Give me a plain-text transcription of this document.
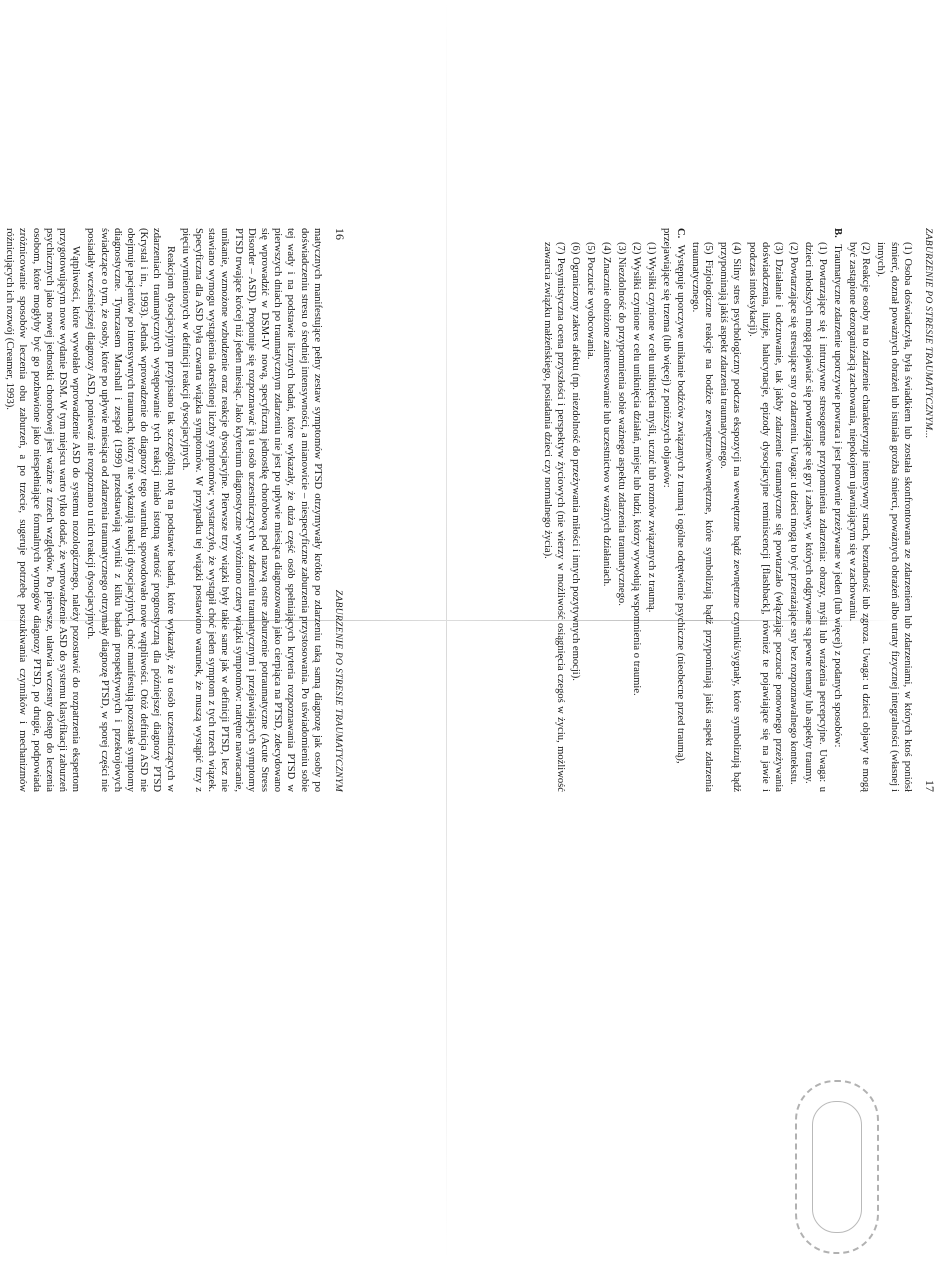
16
ZABURZENIE PO STRESIE TRAUMATYCZNYM

matycznych manifestujące pełny zestaw symptomów PTSD otrzymywały krótko po zdarzeniu taką samą diagnozę jak osoby po doświadczeniu stresu o średniej intensywności, a mianowicie – niespecyficzne zaburzenia przystosowania. Po uświadomieniu sobie tej wady i na podstawie licznych badań, które wykazały, że duża część osób spełniających kryteria rozpoznawania PTSD w pierwszych dniach po traumatycznym zdarzeniu nie jest po upływie miesiąca diagnozowana jako cierpiąca na PTSD, zdecydowano się wprowadzić w DSM-IV nową, specyficzną jednostkę chorobową pod nazwą ostre zaburzenie potraumatyczne (Acute Stress Disorder – ASD). Proponuje się rozpoznawać ją u osób uczestniczących w zdarzeniu traumatycznym i przejawiających symptomy PTSD trwające krócej niż jeden miesiąc. Jako kryterium diagnostyczne wyróżniono cztery wiązki symptomów: natrętne nawracanie, unikanie, wzmożone wzbudzenie oraz reakcje dysocjacyjne. Pierwsze trzy wiązki były takie same jak w definicji PTSD, lecz nie stawiano wymogu wystąpienia określonej liczby symptomów; wystarczyło, że wystąpił choć jeden symptom z tych trzech wiązek. Specyficzna dla ASD była czwarta wiązka symptomów. W przypadku tej wiązki postawiono warunek, że muszą wystąpić trzy z pięciu wymienionych w definicji reakcji dysocjacyjnych.

Reakcjom dysocjacyjnym przypisano tak szczególną rolę na podstawie badań, które wykazały, że u osób uczestniczących w zdarzeniach traumatycznych występowanie tych reakcji miało istotną wartość prognostyczną dla późniejszej diagnozy PTSD (Krystal i in., 1993). Jednak wprowadzenie do diagnozy tego warunku spowodowało nowe wątpliwości. Otóż definicja ASD nie obejmuje pacjentów po intensywnych traumach, którzy nie wykazują reakcji dysocjacyjnych, choć manifestują pozostałe symptomy diagnostyczne. Tymczasem Marshall i zespół (1999) przedstawiają wyniki z kilku badań prospektywnych i przekrojowych świadczące o tym, że osoby, które po upływie miesiąca od zdarzenia traumatycznego otrzymały diagnozę PTSD, w sporej części nie posiadały wcześniejszej diagnozy ASD, ponieważ nie rozpoznano u nich reakcji dysocjacyjnych.

Wątpliwości, które wywołało wprowadzenie ASD do systemu nozologicznego, należy pozostawić do rozpatrzenia ekspertom przygotowującym nowe wydanie DSM. W tym miejscu warto tylko dodać, że wprowadzenie ASD do systemu klasyfikacji zaburzeń psychicznych jako nowej jednostki chorobowej jest ważne z trzech względów. Po pierwsze, ułatwia wczesny dostęp do leczenia osobom, które mogłyby być go pozbawione jako niespełniające formalnych wymogów diagnozy PTSD, po drugie, podpowiada zróżnicowanie sposobów leczenia obu zaburzeń, a po trzecie, sugeruje potrzebę poszukiwania czynników i mechanizmów różnicujących ich rozwój (Creamer, 1993).	ZABURZENIE PO STRESIE TRAUMATYCZNYM...
17

(1) Osoba doświadczyła, była świadkiem lub została skonfrontowana ze zdarzeniem lub zdarzeniami, w których ktoś poniósł śmierć, doznał poważnych obrażeń lub istniała groźba śmierci, poważnych obrażeń albo utraty fizycznej integralności (własnej i innych).

(2) Reakcje osoby na to zdarzenie charakteryzuje intensywny strach, bezradność lub zgroza. Uwaga: u dzieci objawy te mogą być zastąpione dezorganizacją zachowania, niepokojem ujawniającym się w zachowaniu.

B. Traumatyczne zdarzenie uporczywie powraca i jest ponownie przeżywane w jeden (lub więcej) z podanych sposobów:

(1) Powtarzające się i intruzywne stresogenne przypomnienia zdarzenia: obrazy, myśli lub wrażenia percepcyjne. Uwaga: u dzieci młodszych mogą pojawiać się powtarzające się gry i zabawy, w których odgrywane są pewne tematy lub aspekty traumy.

(2) Powtarzające się stresujące sny o zdarzeniu. Uwaga: u dzieci mogą to być przerażające sny bez rozpoznawalnego kontekstu.

(3) Działanie i odczuwanie, tak jakby zdarzenie traumatyczne się powtarzało (włączając poczucie ponownego przeżywania doświadczenia, iluzje, halucynacje, epizody dysocjacyjne reminiscencji [flashback], również te pojawiające się na jawie i podczas intoksykacji).

(4) Silny stres psychologiczny podczas ekspozycji na wewnętrzne bądź zewnętrzne czynniki/sygnały, które symbolizują bądź przypominają jakiś aspekt zdarzenia traumatycznego.

(5) Fizjologiczne reakcje na bodźce zewnętrzne/wewnętrzne, które symbolizują bądź przypominają jakiś aspekt zdarzenia traumatycznego.

C. Występuje uporczywe unikanie bodźców związanych z traumą i ogólne odrętwienie psychiczne (nieobecne przed traumą), przejawiające się trzema (lub więcej) z poniższych objawów:

(1) Wysiłki czynione w celu uniknięcia myśli, uczuć lub rozmów związanych z traumą.

(2) Wysiłki czynione w celu uniknięcia działań, miejsc lub ludzi, którzy wywołują wspomnienia o traumie.

(3) Niezdolność do przypomnienia sobie ważnego aspektu zdarzenia traumatycznego.

(4) Znacznie obniżone zainteresowanie lub uczestnictwo w ważnych działaniach.

(5) Poczucie wyobcowania.

(6) Ograniczony zakres afektu (np. niezdolność do przeżywania miłości i innych pozytywnych emocji).

(7) Pesymistyczna ocena przyszłości i perspektyw życiowych (nie wierzy w możliwość osiągnięcia czegoś w życiu, możliwość zawarcia związku małżeńskiego, posiadania dzieci czy normalnego życia).
